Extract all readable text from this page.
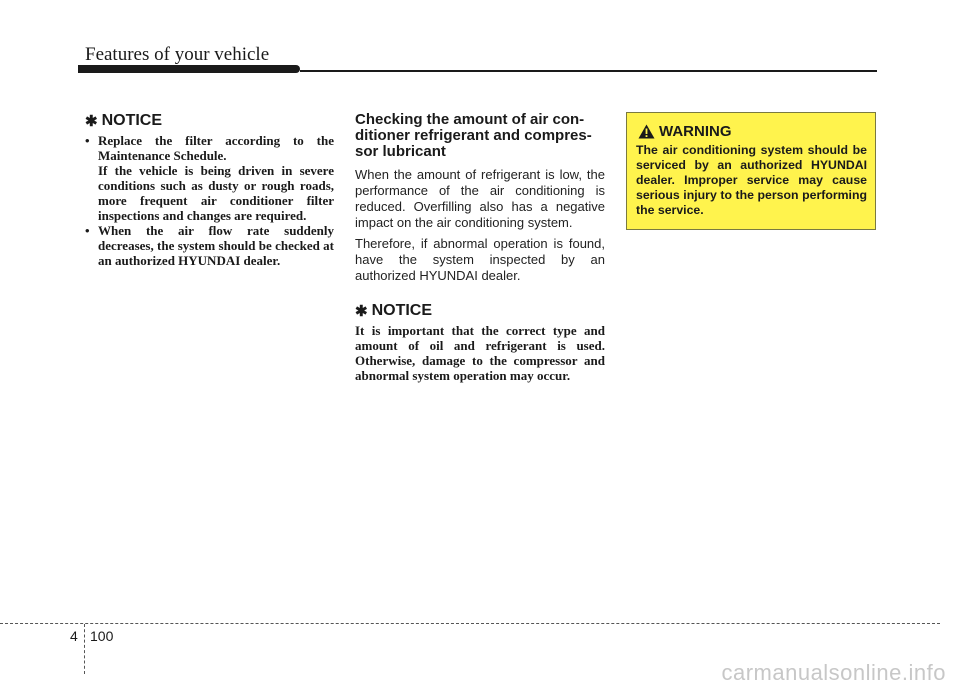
Features of your vehicle
✱ NOTICE
• Replace the filter according to the Maintenance Schedule.
If the vehicle is being driven in severe conditions such as dusty or rough roads, more frequent air conditioner filter inspections and changes are required.
• When the air flow rate suddenly decreases, the system should be checked at an authorized HYUNDAI dealer.
Checking the amount of air con-
ditioner refrigerant and compres-
sor lubricant

When the amount of refrigerant is low, the performance of the air conditioning is reduced. Overfilling also has a negative impact on the air conditioning system.

Therefore, if abnormal operation is found, have the system inspected by an authorized HYUNDAI dealer.

✱ NOTICE

It is important that the correct type and amount of oil and refrigerant is used. Otherwise, damage to the compressor and abnormal system operation may occur.

WARNING

The air conditioning system should be serviced by an authorized HYUNDAI dealer. Improper service may cause serious injury to the person performing the service.

4 100
carmanualsonline.info
